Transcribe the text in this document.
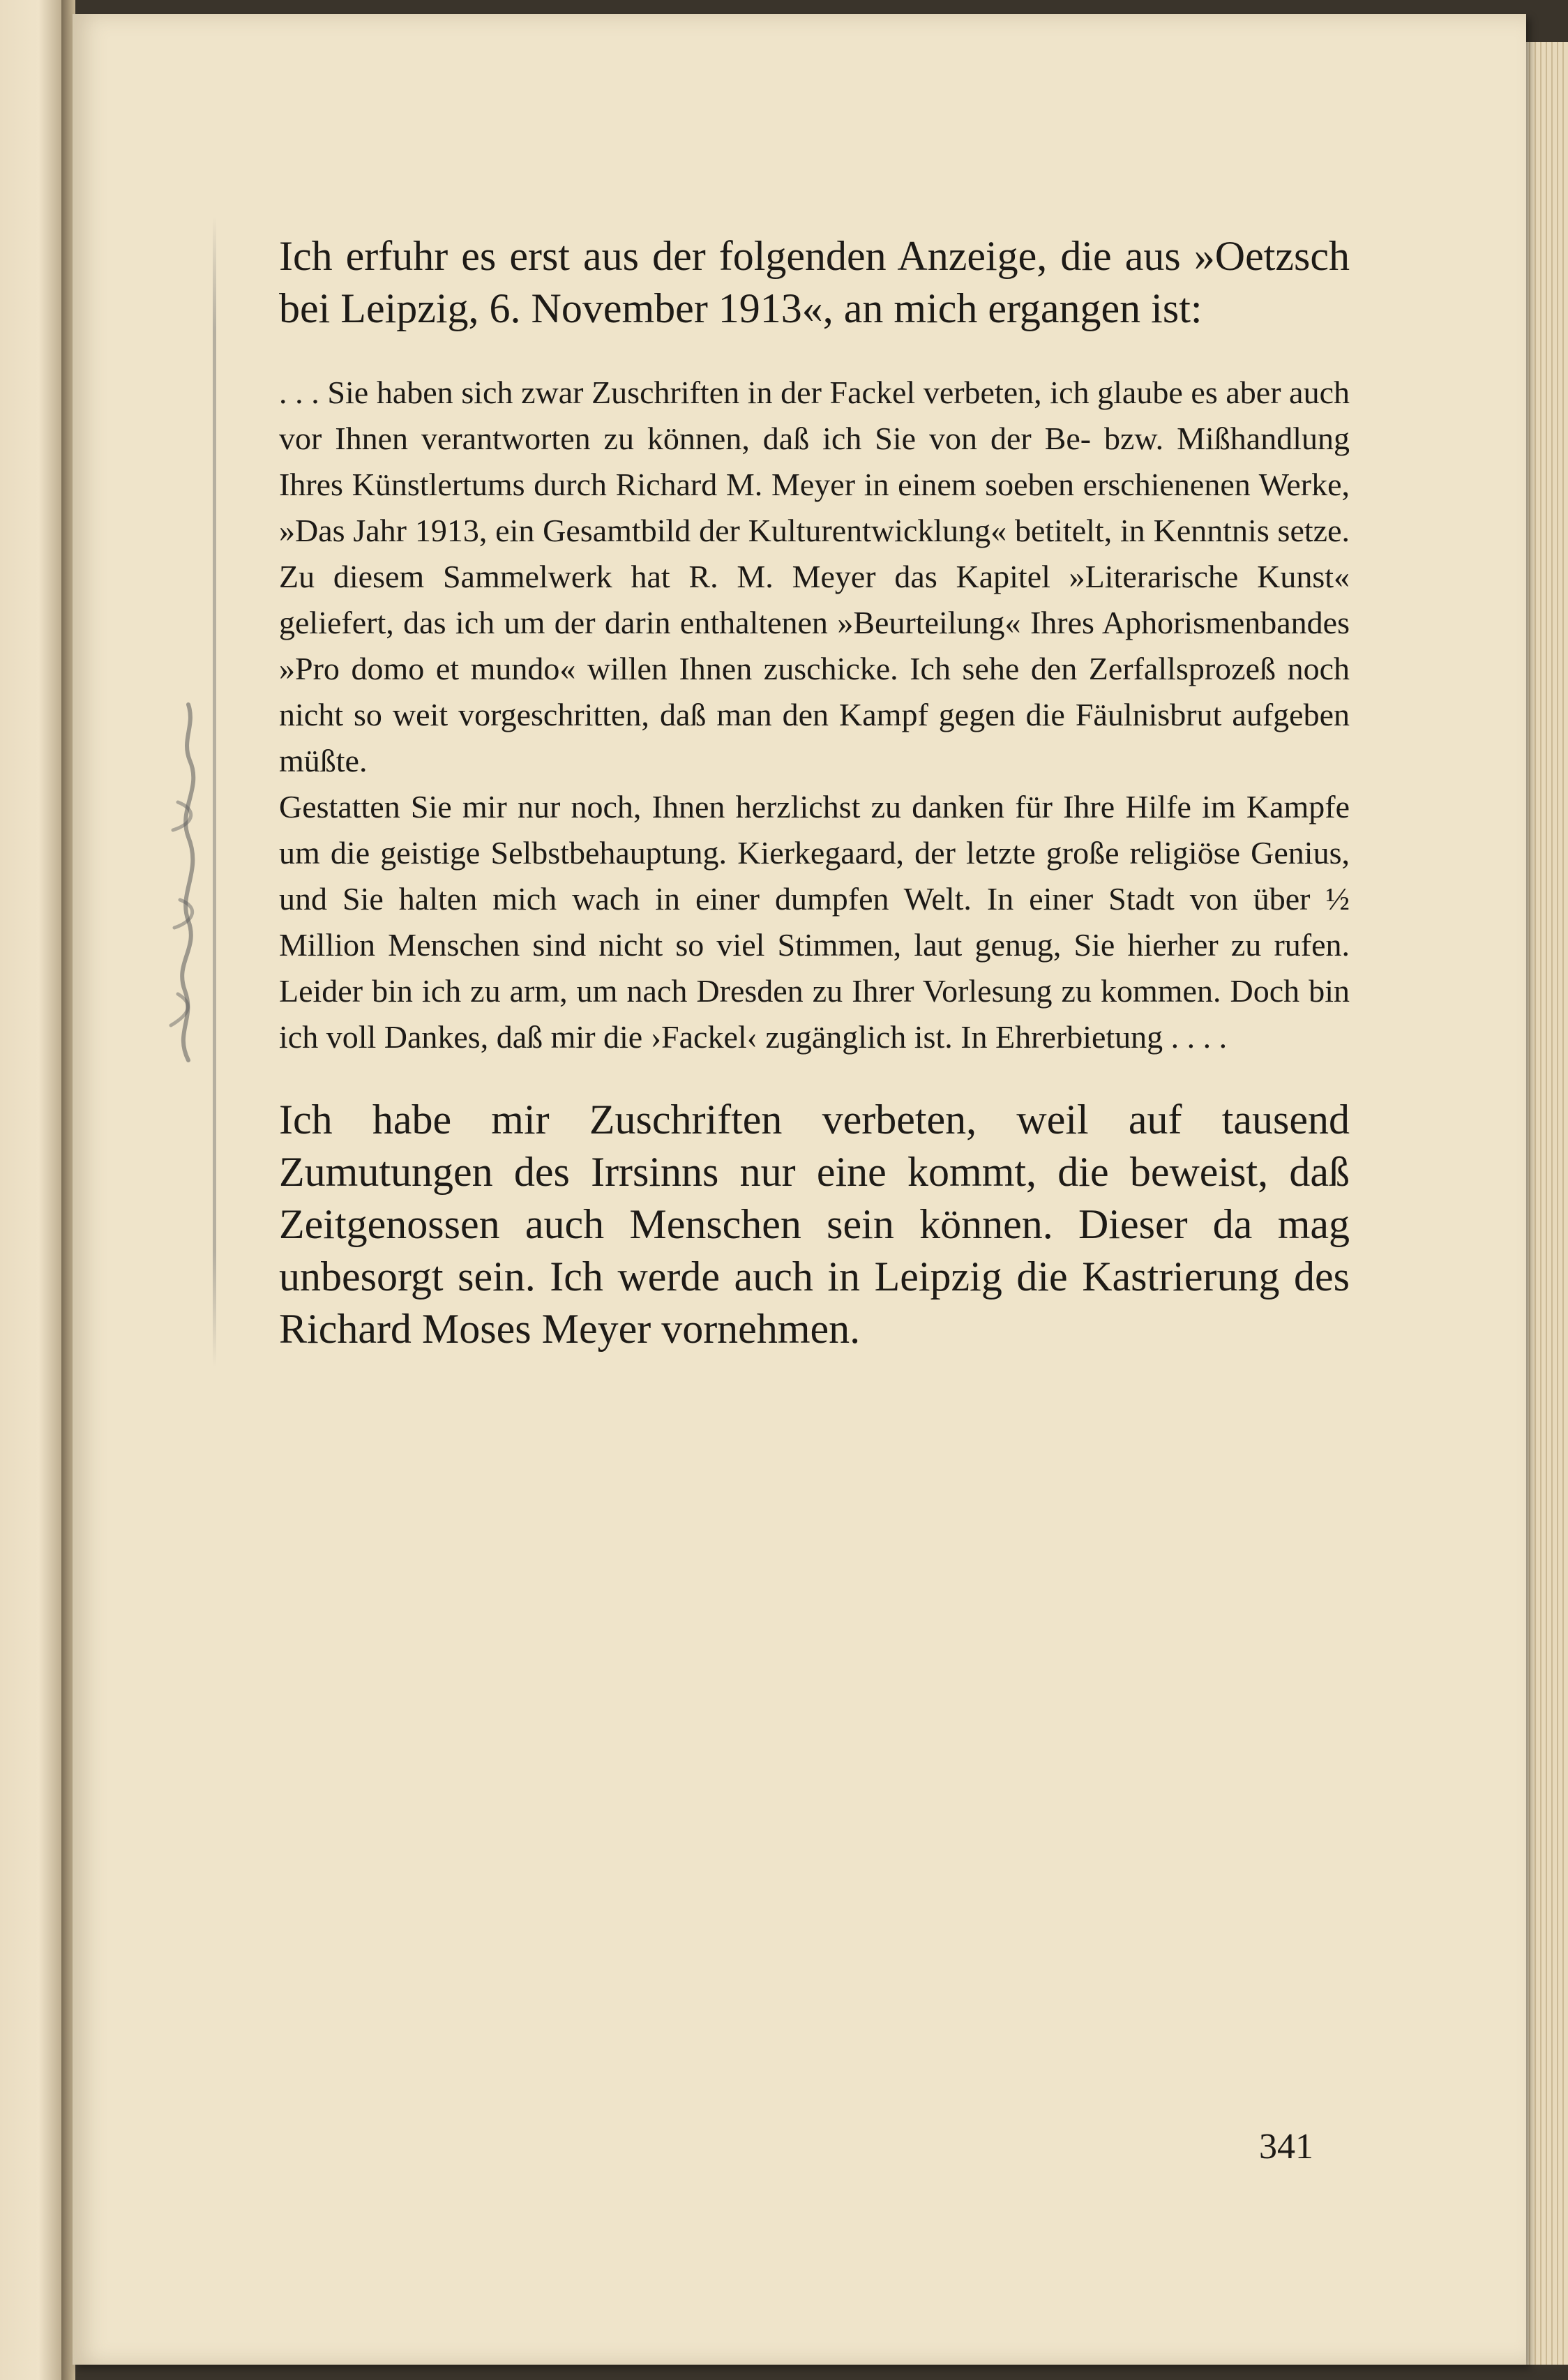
Ich erfuhr es erst aus der folgenden Anzeige, die aus »Oetzsch bei Leipzig, 6. November 1913«, an mich ergangen ist:

. . . Sie haben sich zwar Zuschriften in der Fackel verbeten, ich glaube es aber auch vor Ihnen verantworten zu können, daß ich Sie von der Be- bzw. Mißhandlung Ihres Künstlertums durch Richard M. Meyer in einem soeben erschienenen Werke, »Das Jahr 1913, ein Gesamtbild der Kulturentwicklung« betitelt, in Kenntnis setze. Zu diesem Sammelwerk hat R. M. Meyer das Kapitel »Literarische Kunst« geliefert, das ich um der darin enthaltenen »Beurteilung« Ihres Aphorismenbandes »Pro domo et mundo« willen Ihnen zuschicke. Ich sehe den Zerfallsprozeß noch nicht so weit vorgeschritten, daß man den Kampf gegen die Fäulnisbrut aufgeben müßte.

Gestatten Sie mir nur noch, Ihnen herzlichst zu danken für Ihre Hilfe im Kampfe um die geistige Selbstbehauptung. Kierkegaard, der letzte große religiöse Genius, und Sie halten mich wach in einer dumpfen Welt. In einer Stadt von über ½ Million Menschen sind nicht so viel Stimmen, laut genug, Sie hierher zu rufen. Leider bin ich zu arm, um nach Dresden zu Ihrer Vorlesung zu kommen. Doch bin ich voll Dankes, daß mir die ›Fackel‹ zugänglich ist. In Ehrerbietung . . . .

Ich habe mir Zuschriften verbeten, weil auf tausend Zumutungen des Irrsinns nur eine kommt, die beweist, daß Zeitgenossen auch Menschen sein können. Dieser da mag unbesorgt sein. Ich werde auch in Leipzig die Kastrierung des Richard Moses Meyer vornehmen.

341
